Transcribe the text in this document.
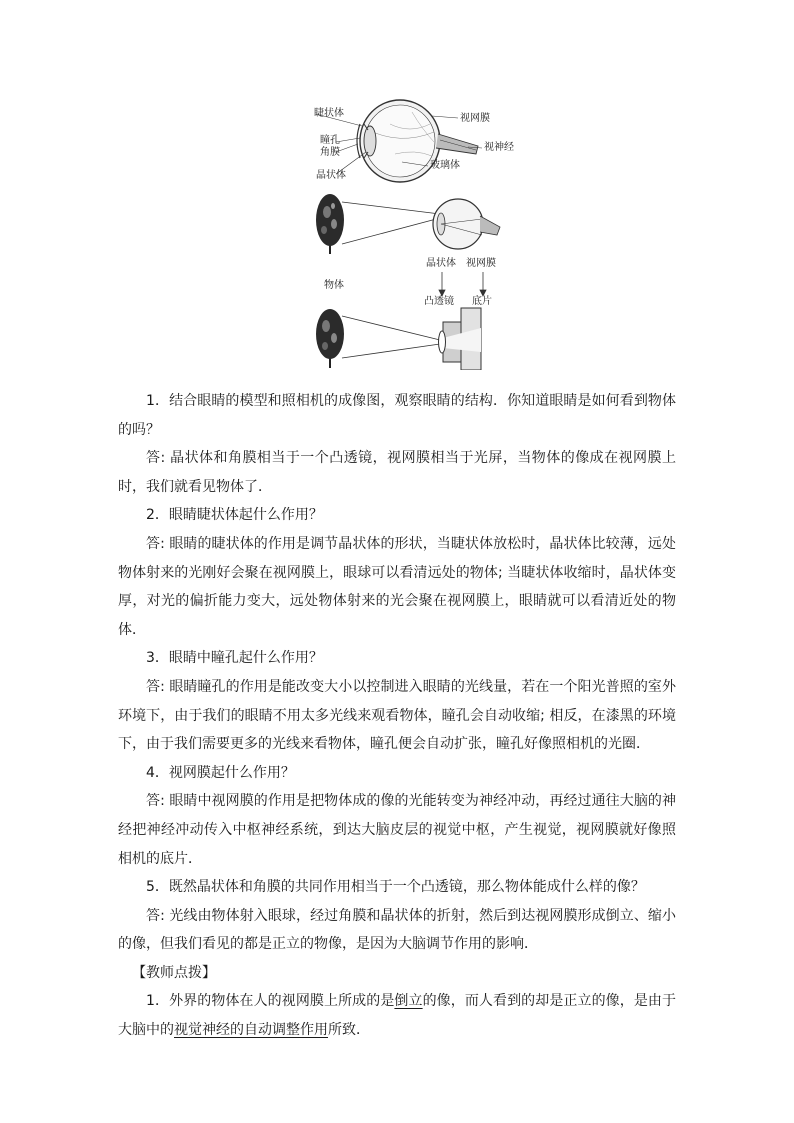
睫状体
瞳孔
角膜
晶状体
视网膜
视神经
玻璃体
物体
晶状体 视网膜
凸透镜 底片

1．结合眼睛的模型和照相机的成像图，观察眼睛的结构．你知道眼睛是如何看到物体的吗？

答: 晶状体和角膜相当于一个凸透镜，视网膜相当于光屏，当物体的像成在视网膜上时，我们就看见物体了．

2．眼睛睫状体起什么作用？

答: 眼睛的睫状体的作用是调节晶状体的形状，当睫状体放松时，晶状体比较薄，远处物体射来的光刚好会聚在视网膜上，眼球可以看清远处的物体; 当睫状体收缩时，晶状体变厚，对光的偏折能力变大，远处物体射来的光会聚在视网膜上，眼睛就可以看清近处的物体．

3．眼睛中瞳孔起什么作用？

答: 眼睛瞳孔的作用是能改变大小以控制进入眼睛的光线量，若在一个阳光普照的室外环境下，由于我们的眼睛不用太多光线来观看物体，瞳孔会自动收缩; 相反，在漆黑的环境下，由于我们需要更多的光线来看物体，瞳孔便会自动扩张，瞳孔好像照相机的光圈．

4．视网膜起什么作用？

答: 眼睛中视网膜的作用是把物体成的像的光能转变为神经冲动，再经过通往大脑的神经把神经冲动传入中枢神经系统，到达大脑皮层的视觉中枢，产生视觉，视网膜就好像照相机的底片．

5．既然晶状体和角膜的共同作用相当于一个凸透镜，那么物体能成什么样的像？

答: 光线由物体射入眼球，经过角膜和晶状体的折射，然后到达视网膜形成倒立、缩小的像，但我们看见的都是正立的物像，是因为大脑调节作用的影响．

【教师点拨】

1．外界的物体在人的视网膜上所成的是倒立的像，而人看到的却是正立的像，是由于大脑中的视觉神经的自动调整作用所致．
